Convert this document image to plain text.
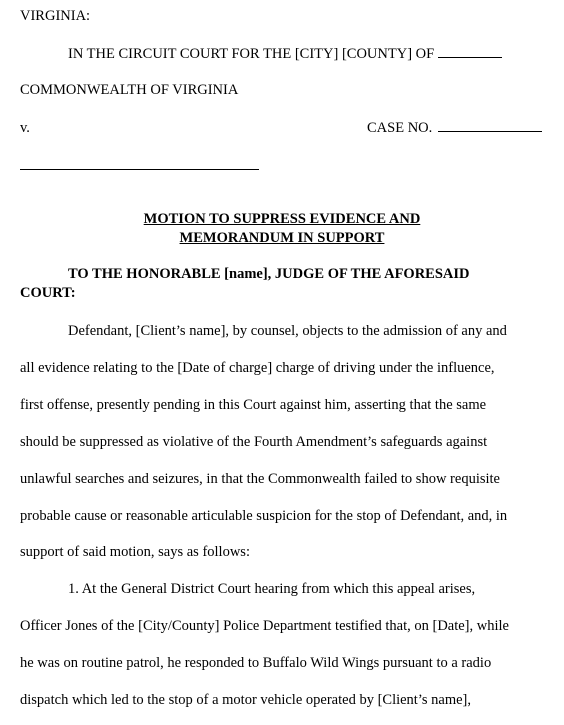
VIRGINIA:
IN THE CIRCUIT COURT FOR THE [CITY] [COUNTY] OF
COMMONWEALTH OF VIRGINIA
v.	CASE NO.
MOTION TO SUPPRESS EVIDENCE AND
MEMORANDUM IN SUPPORT
TO THE HONORABLE [name], JUDGE OF THE AFORESAID
COURT:
Defendant, [Client’s name], by counsel, objects to the admission of any and
all evidence relating to the [Date of charge] charge of driving under the influence,
first offense, presently pending in this Court against him, asserting that the same
should be suppressed as violative of the Fourth Amendment’s safeguards against
unlawful searches and seizures, in that the Commonwealth failed to show requisite
probable cause or reasonable articulable suspicion for the stop of Defendant, and, in
support of said motion, says as follows:
1. At the General District Court hearing from which this appeal arises,
Officer Jones of the [City/County] Police Department testified that, on [Date], while
he was on routine patrol, he responded to Buffalo Wild Wings pursuant to a radio
dispatch which led to the stop of a motor vehicle operated by [Client’s name],
